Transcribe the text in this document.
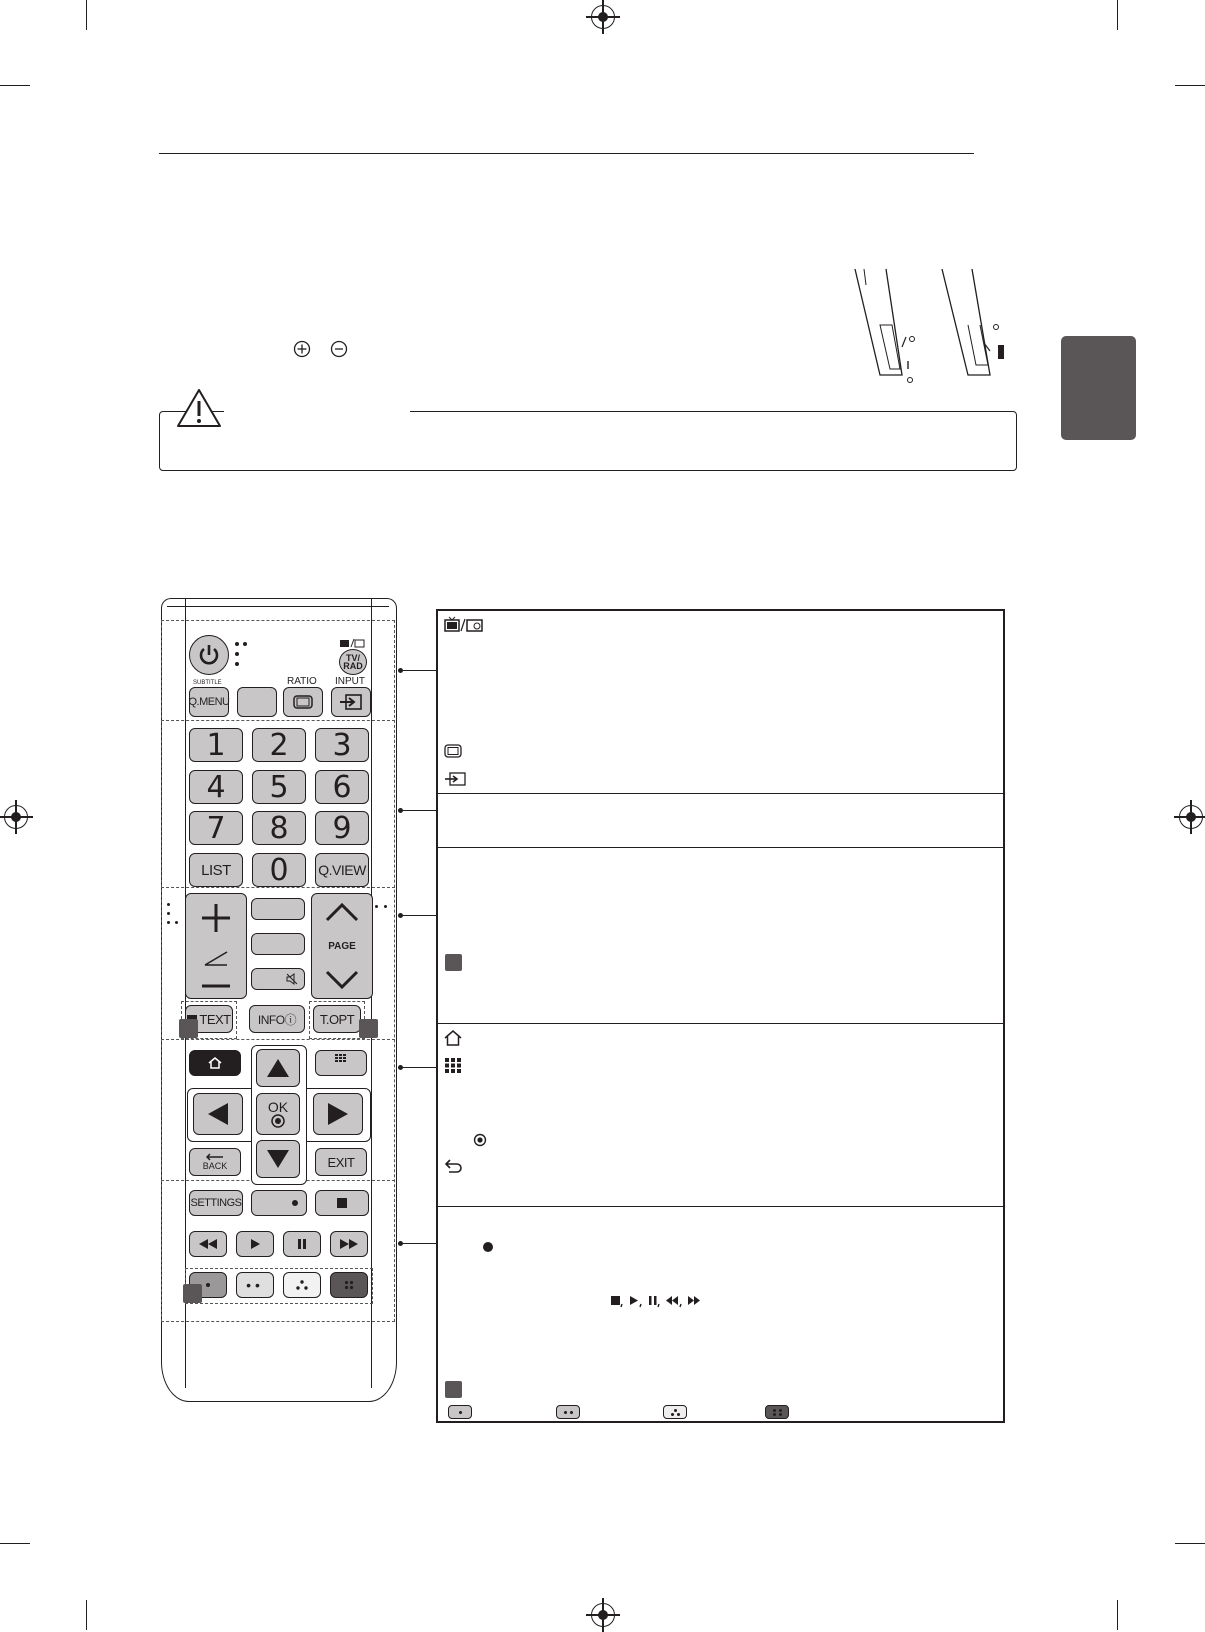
TV/
RAD
SUBTITLE	RATIO INPUT
Q.MENU
1	2	3
4	5	6
7	8	9
LIST	0	Q.VIEW
PAGE
TEXT	INFOⓘ	T.OPT
OK
BACK	EXIT
SETTINGS
••
